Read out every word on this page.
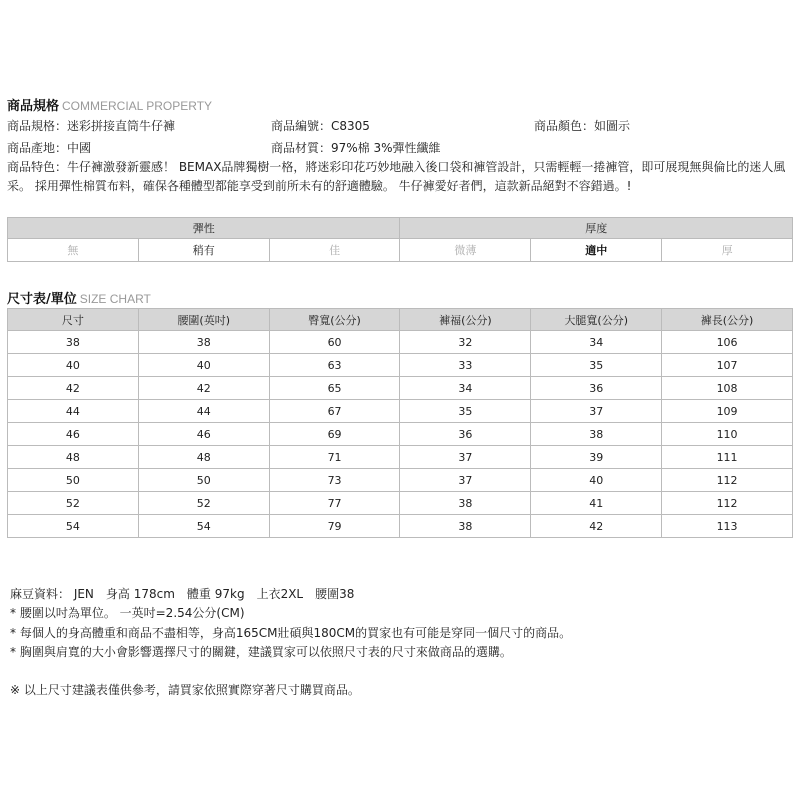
商品規格 COMMERCIAL PROPERTY
商品規格：迷彩拼接直筒牛仔褲	商品編號：C8305	商品顏色：如圖示
商品產地：中國	商品材質：97%棉 3%彈性纖維
商品特色：牛仔褲激發新靈感！ BEMAX品牌獨樹一格，將迷彩印花巧妙地融入後口袋和褲管設計，只需輕輕一捲褲管，即可展現無與倫比的迷人風采。 採用彈性棉質布料，確保各種體型都能享受到前所未有的舒適體驗。 牛仔褲愛好者們，這款新品絕對不容錯過。!
彈性			厚度		
無	稍有	佳	微薄	適中	厚
尺寸表/單位 SIZE CHART
尺寸	腰圍(英吋)	臀寬(公分)	褲福(公分)	大腿寬(公分)	褲長(公分)
38	38	60	32	34	106
40	40	63	33	35	107
42	42	65	34	36	108
44	44	67	35	37	109
46	46	69	36	38	110
48	48	71	37	39	111
50	50	73	37	40	112
52	52	77	38	41	112
54	54	79	38	42	113
麻豆資料： JEN　身高 178cm　體重 97kg　上衣2XL　腰圍38
* 腰圍以吋為單位。 一英吋=2.54公分(CM)
* 每個人的身高體重和商品不盡相等，身高165CM壯碩與180CM的買家也有可能是穿同一個尺寸的商品。
* 胸圍與肩寬的大小會影響選擇尺寸的關鍵，建議買家可以依照尺寸表的尺寸來做商品的選購。
※ 以上尺寸建議表僅供參考，請買家依照實際穿著尺寸購買商品。
